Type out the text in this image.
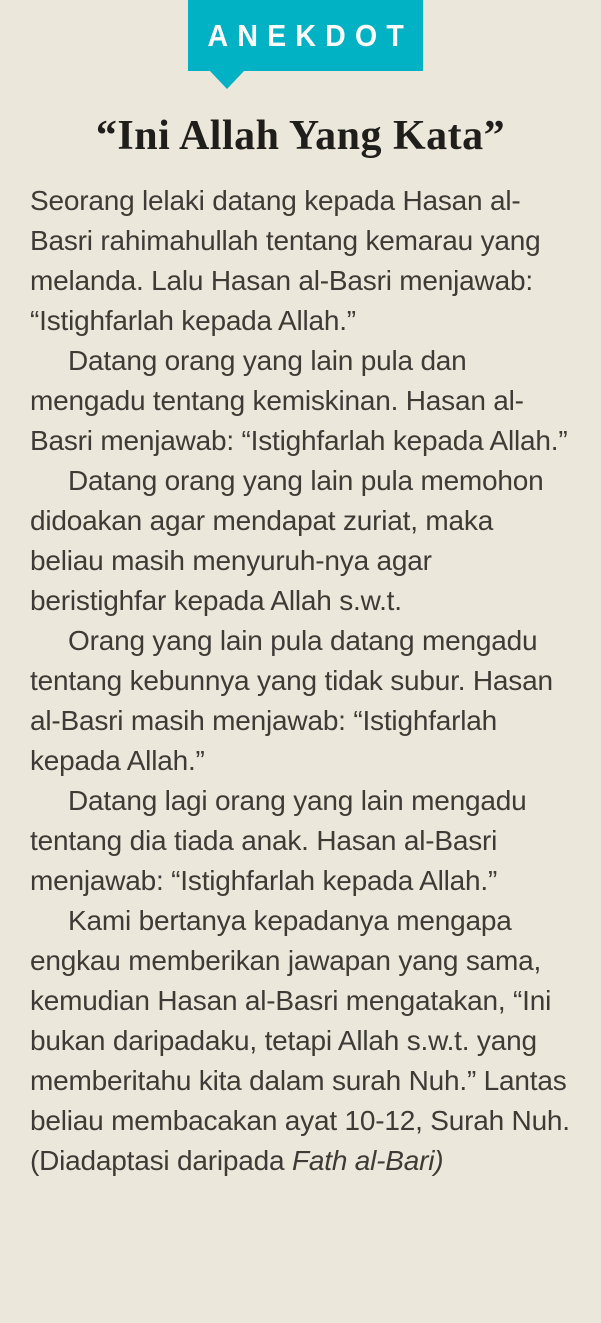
ANEKDOT
“Ini Allah Yang Kata”

Seorang lelaki datang kepada Hasan al-Basri rahimahullah tentang kemarau yang melanda. Lalu Hasan al-Basri menjawab: “Istighfarlah kepada Allah.”

Datang orang yang lain pula dan mengadu tentang kemiskinan. Hasan al-Basri menjawab: “Istighfarlah kepada Allah.”

Datang orang yang lain pula memohon didoakan agar mendapat zuriat, maka beliau masih menyuruh-nya agar beristighfar kepada Allah s.w.t.

Orang yang lain pula datang mengadu tentang kebunnya yang tidak subur. Hasan al-Basri masih menjawab: “Istighfarlah kepada Allah.”

Datang lagi orang yang lain mengadu tentang dia tiada anak. Hasan al-Basri menjawab: “Istighfarlah kepada Allah.”

Kami bertanya kepadanya mengapa engkau memberikan jawapan yang sama, kemudian Hasan al-Basri mengatakan, “Ini bukan daripadaku, tetapi Allah s.w.t. yang memberitahu kita dalam surah Nuh.” Lantas beliau membacakan ayat 10-12, Surah Nuh. (Diadaptasi daripada Fath al-Bari)
